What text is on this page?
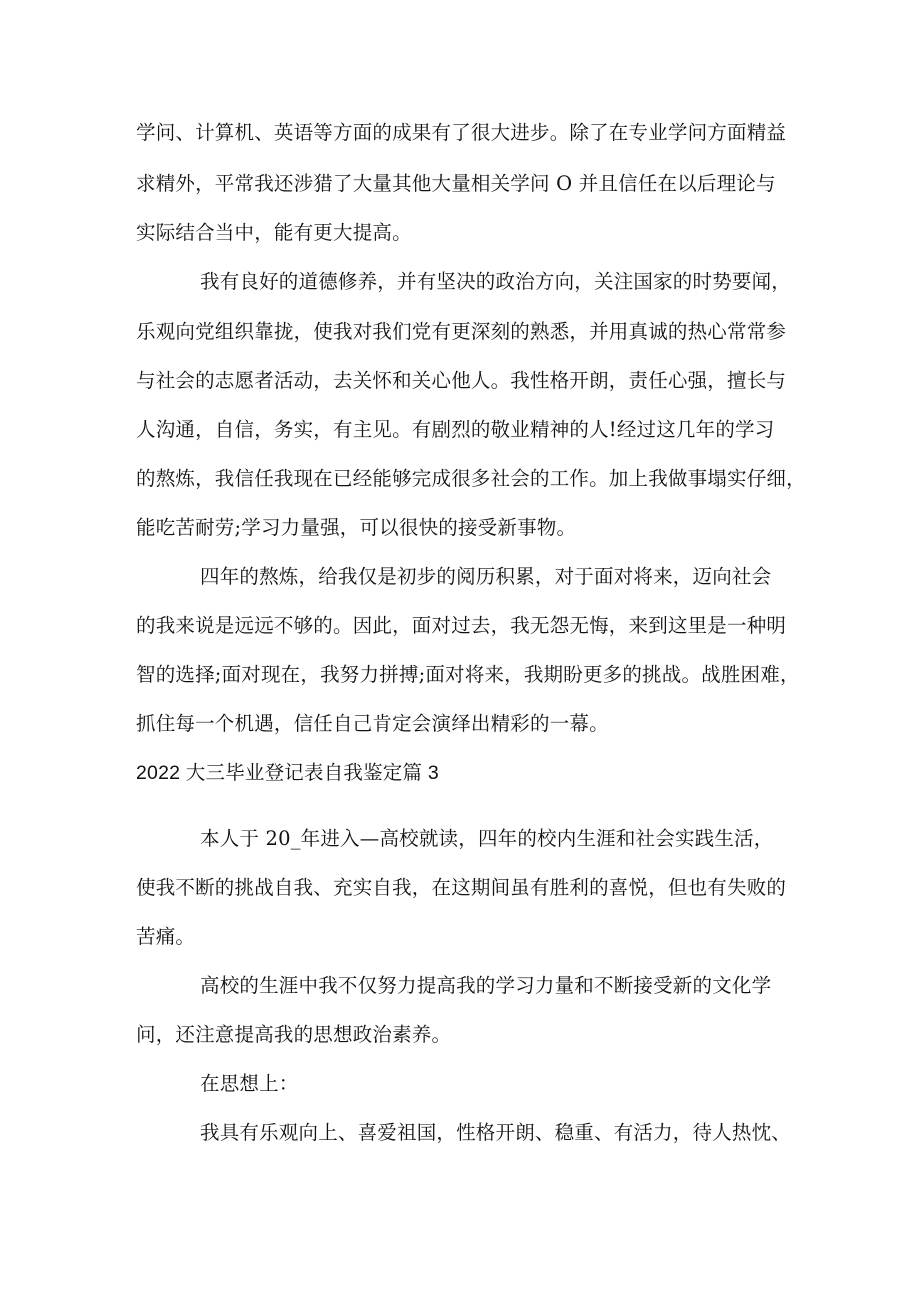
学问、计算机、英语等方面的成果有了很大进步。除了在专业学问方面精益
求精外，平常我还涉猎了大量其他大量相关学问 O 并且信任在以后理论与
实际结合当中，能有更大提高。
我有良好的道德修养，并有坚决的政治方向，关注国家的时势要闻，
乐观向党组织靠拢，使我对我们党有更深刻的熟悉，并用真诚的热心常常参
与社会的志愿者活动，去关怀和关心他人。我性格开朗，责任心强，擅长与
人沟通，自信，务实，有主见。有剧烈的敬业精神的人!经过这几年的学习
的熬炼，我信任我现在已经能够完成很多社会的工作。加上我做事塌实仔细，
能吃苦耐劳;学习力量强，可以很快的接受新事物。
四年的熬炼，给我仅是初步的阅历积累，对于面对将来，迈向社会
的我来说是远远不够的。因此，面对过去，我无怨无悔，来到这里是一种明
智的选择;面对现在，我努力拼搏;面对将来，我期盼更多的挑战。战胜困难，
抓住每一个机遇，信任自己肯定会演绎出精彩的一幕。
2022 大三毕业登记表自我鉴定篇 3
本人于 20_年进入—高校就读，四年的校内生涯和社会实践生活，
使我不断的挑战自我、充实自我，在这期间虽有胜利的喜悦，但也有失败的
苦痛。
高校的生涯中我不仅努力提高我的学习力量和不断接受新的文化学
问，还注意提高我的思想政治素养。
在思想上：
我具有乐观向上、喜爱祖国，性格开朗、稳重、有活力，待人热忱、
